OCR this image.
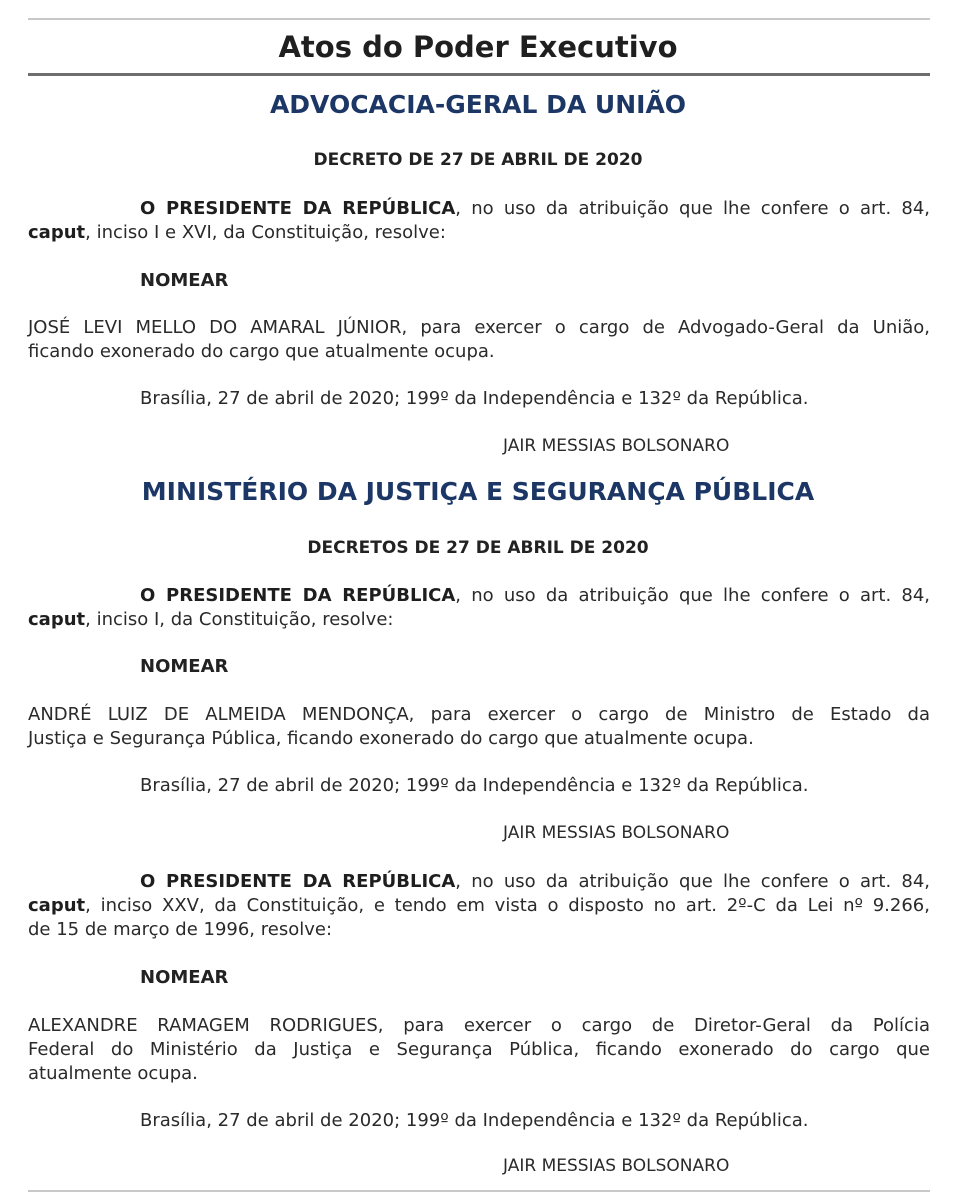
Atos do Poder Executivo
ADVOCACIA-GERAL DA UNIÃO
DECRETO DE 27 DE ABRIL DE 2020
O PRESIDENTE DA REPÚBLICA, no uso da atribuição que lhe confere o art. 84,
caput, inciso I e XVI, da Constituição, resolve:
NOMEAR
JOSÉ LEVI MELLO DO AMARAL JÚNIOR, para exercer o cargo de Advogado-Geral da União,
ficando exonerado do cargo que atualmente ocupa.
Brasília, 27 de abril de 2020; 199º da Independência e 132º da República.
JAIR MESSIAS BOLSONARO
MINISTÉRIO DA JUSTIÇA E SEGURANÇA PÚBLICA
DECRETOS DE 27 DE ABRIL DE 2020
O PRESIDENTE DA REPÚBLICA, no uso da atribuição que lhe confere o art. 84,
caput, inciso I, da Constituição, resolve:
NOMEAR
ANDRÉ LUIZ DE ALMEIDA MENDONÇA, para exercer o cargo de Ministro de Estado da
Justiça e Segurança Pública, ficando exonerado do cargo que atualmente ocupa.
Brasília, 27 de abril de 2020; 199º da Independência e 132º da República.
JAIR MESSIAS BOLSONARO
O PRESIDENTE DA REPÚBLICA, no uso da atribuição que lhe confere o art. 84,
caput, inciso XXV, da Constituição, e tendo em vista o disposto no art. 2º-C da Lei nº 9.266,
de 15 de março de 1996, resolve:
NOMEAR
ALEXANDRE RAMAGEM RODRIGUES, para exercer o cargo de Diretor-Geral da Polícia
Federal do Ministério da Justiça e Segurança Pública, ficando exonerado do cargo que
atualmente ocupa.
Brasília, 27 de abril de 2020; 199º da Independência e 132º da República.
JAIR MESSIAS BOLSONARO
